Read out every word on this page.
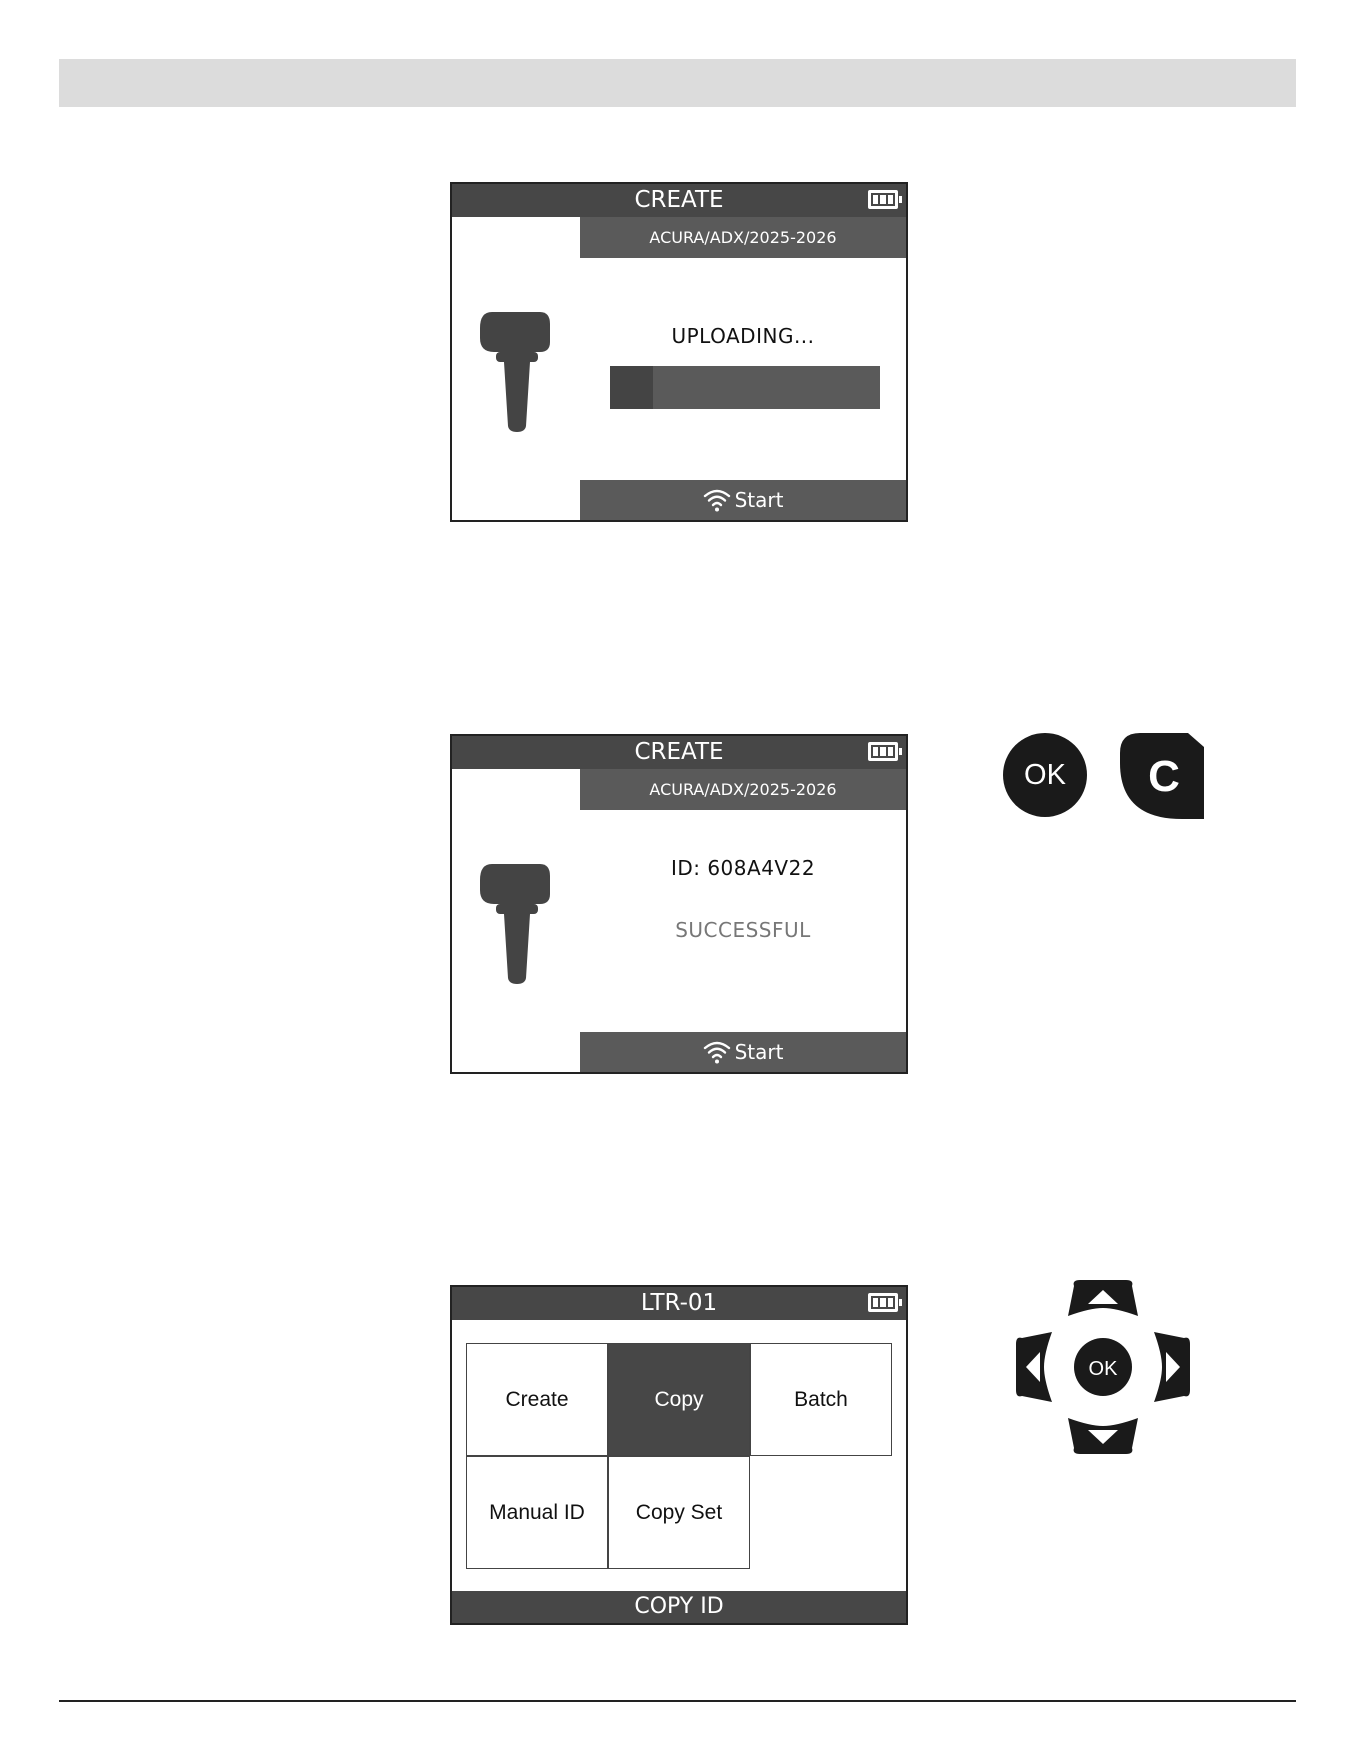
CREATE
ACURA/ADX/2025-2026
UPLOADING...
Start
CREATE
ACURA/ADX/2025-2026
ID: 608A4V22
SUCCESSFUL
Start
OK C
LTR-01
Create	Copy	Batch
Manual ID Copy Set
COPY ID
OK
